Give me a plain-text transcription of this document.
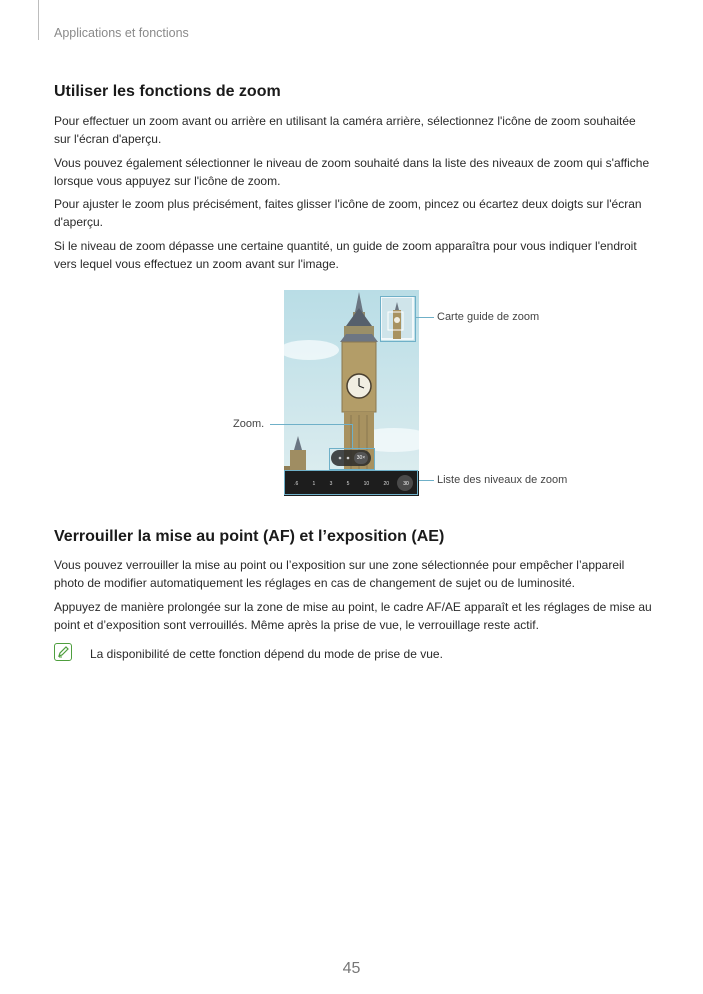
Applications et fonctions
Utiliser les fonctions de zoom

Pour effectuer un zoom avant ou arrière en utilisant la caméra arrière, sélectionnez l'icône de zoom souhaitée sur l'écran d'aperçu.

Vous pouvez également sélectionner le niveau de zoom souhaité dans la liste des niveaux de zoom qui s'affiche lorsque vous appuyez sur l'icône de zoom.

Pour ajuster le zoom plus précisément, faites glisser l'icône de zoom, pincez ou écartez deux doigts sur l'écran d'aperçu.

Si le niveau de zoom dépasse une certaine quantité, un guide de zoom apparaîtra pour vous indiquer l'endroit vers lequel vous effectuez un zoom avant sur l'image.

30×
.6	1	3	5	10	20	30
Carte guide de zoom
Zoom.
Liste des niveaux de zoom
Verrouiller la mise au point (AF) et l’exposition (AE)

Vous pouvez verrouiller la mise au point ou l’exposition sur une zone sélectionnée pour empêcher l’appareil photo de modifier automatiquement les réglages en cas de changement de sujet ou de luminosité.

Appuyez de manière prolongée sur la zone de mise au point, le cadre AF/AE apparaît et les réglages de mise au point et d’exposition sont verrouillés. Même après la prise de vue, le verrouillage reste actif.

La disponibilité de cette fonction dépend du mode de prise de vue.
45
